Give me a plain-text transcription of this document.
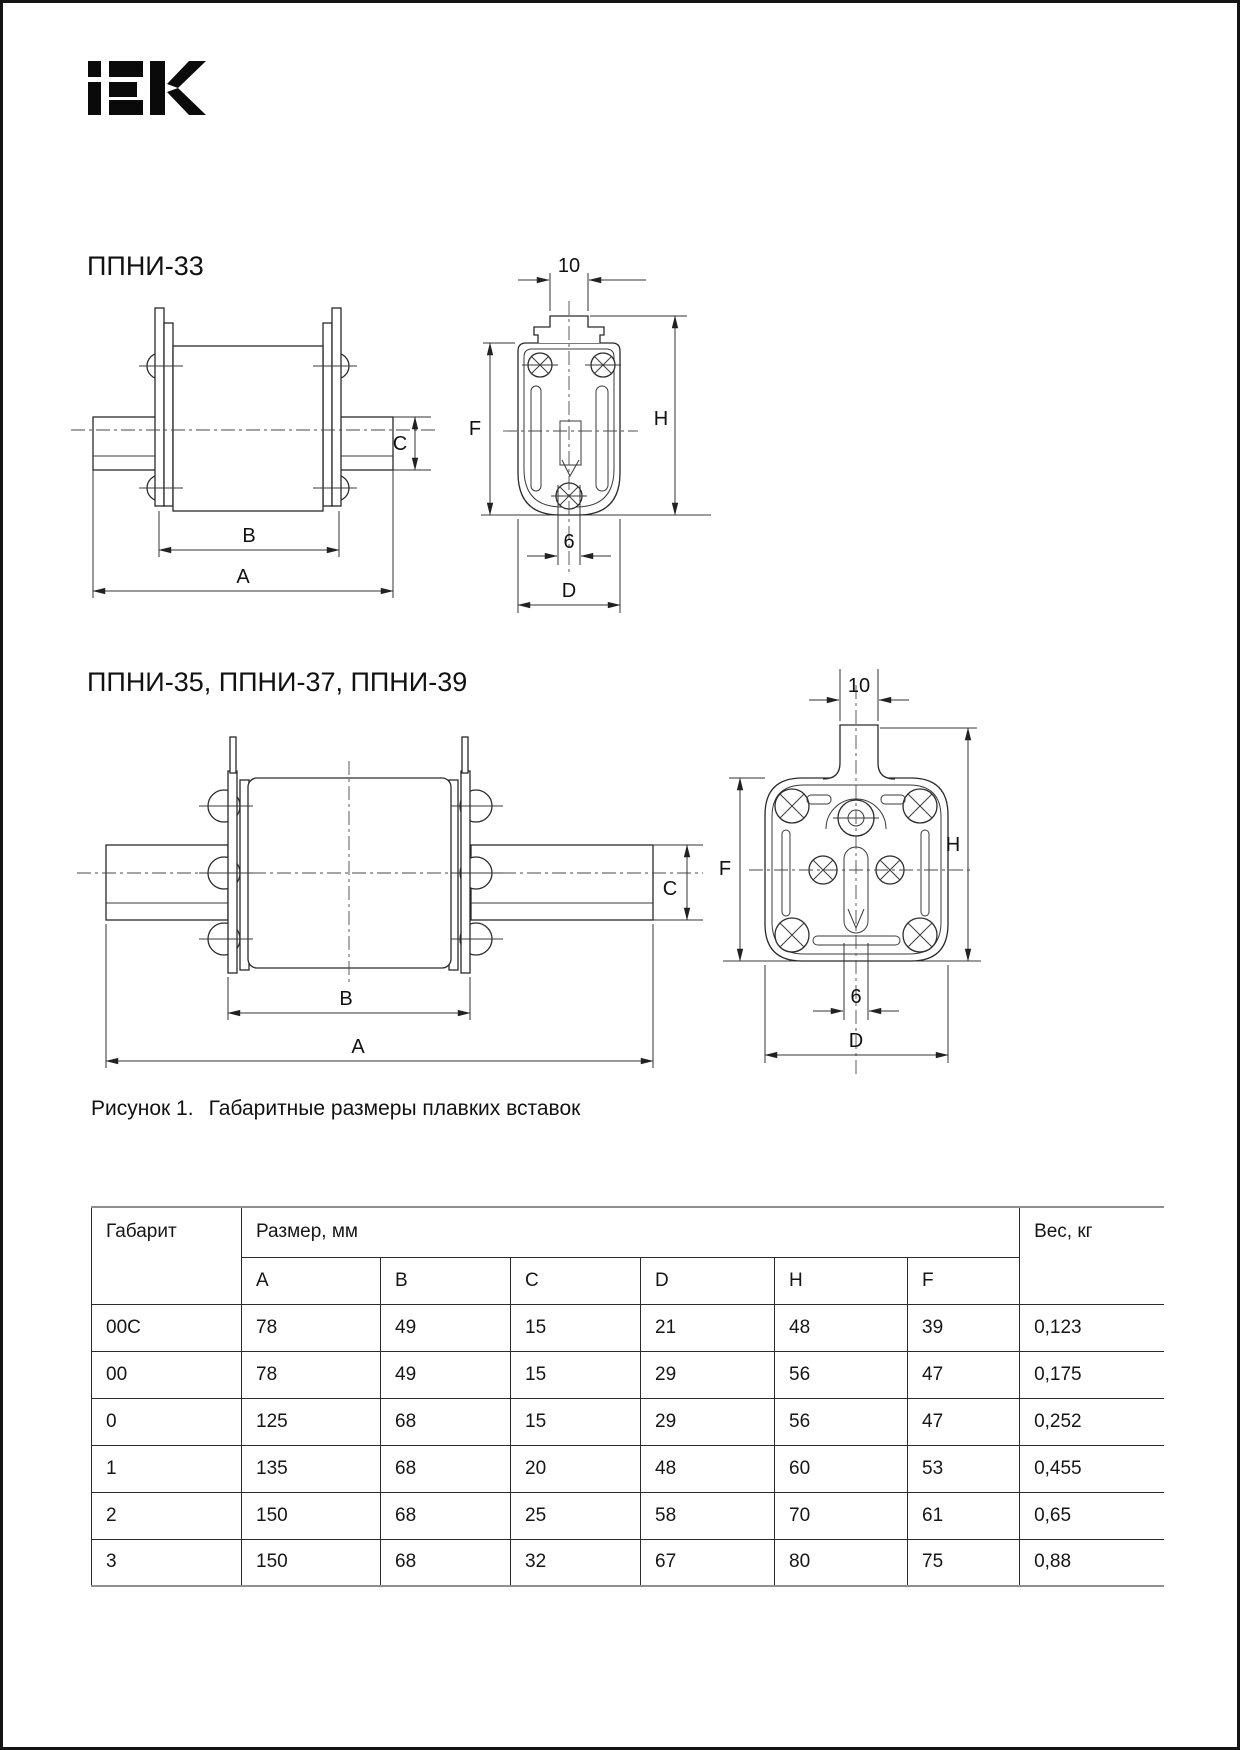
ППНИ-33
C
B
A
10
F	H
6
D
ППНИ-35, ППНИ-37, ППНИ-39
C
B
A
10
H
F
6
D
Рисунок 1. Габаритные размеры плавких вставок
Габарит	Размер, мм						Вес, кг
	A	B	C	D	H	F	
00C	78	49	15	21	48	39	0,123
00	78	49	15	29	56	47	0,175
0	125	68	15	29	56	47	0,252
1	135	68	20	48	60	53	0,455
2	150	68	25	58	70	61	0,65
3	150	68	32	67	80	75	0,88
